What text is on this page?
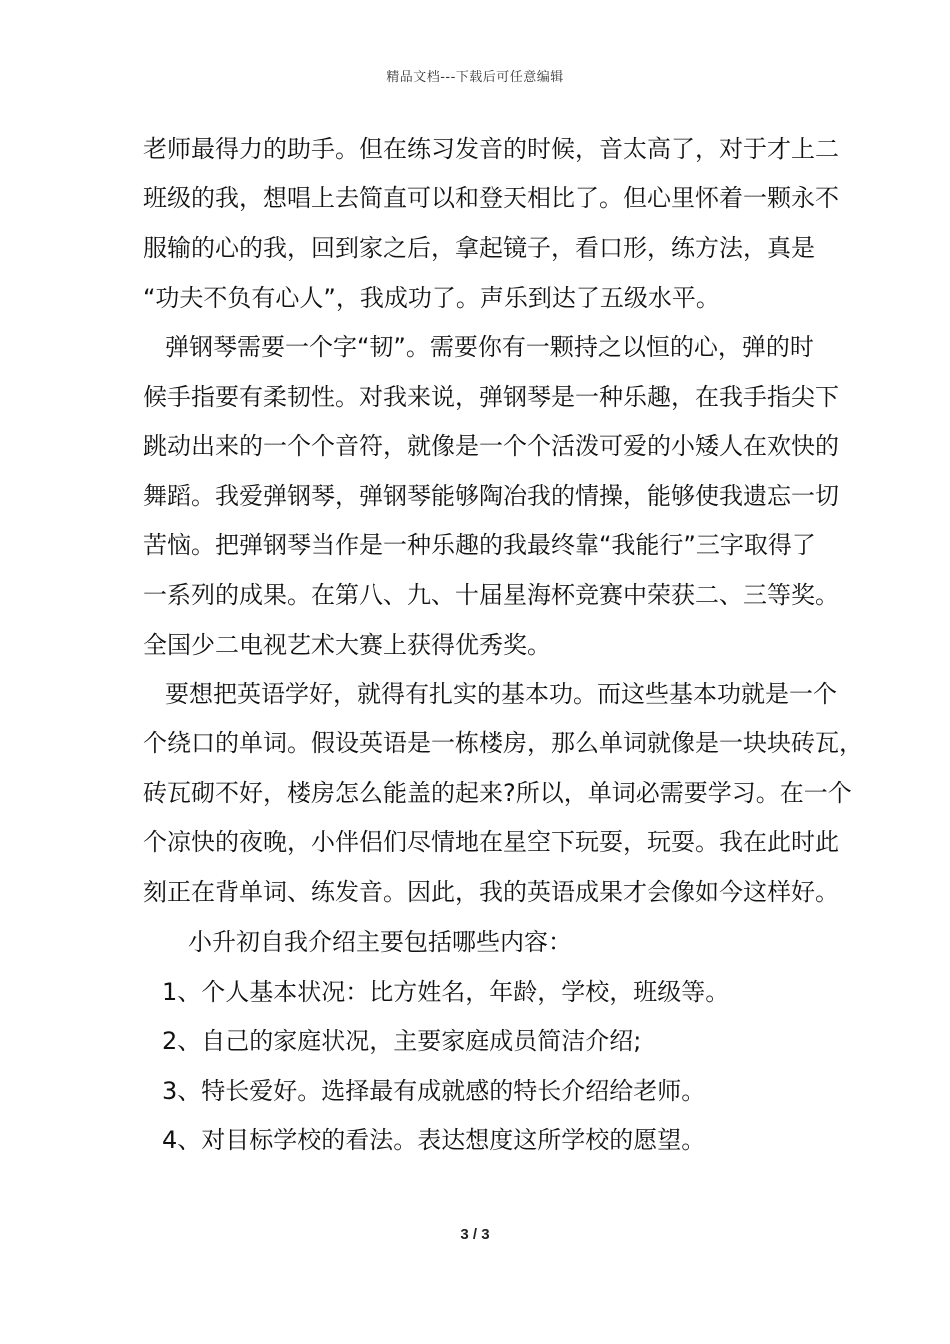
精品文档---下载后可任意编辑
老师最得力的助手。但在练习发音的时候，音太高了，对于才上二
班级的我，想唱上去简直可以和登天相比了。但心里怀着一颗永不
服输的心的我，回到家之后，拿起镜子，看口形，练方法，真是
“功夫不负有心人”，我成功了。声乐到达了五级水平。
弹钢琴需要一个字“韧”。需要你有一颗持之以恒的心，弹的时
候手指要有柔韧性。对我来说，弹钢琴是一种乐趣，在我手指尖下
跳动出来的一个个音符，就像是一个个活泼可爱的小矮人在欢快的
舞蹈。我爱弹钢琴，弹钢琴能够陶冶我的情操，能够使我遗忘一切
苦恼。把弹钢琴当作是一种乐趣的我最终靠“我能行”三字取得了
一系列的成果。在第八、九、十届星海杯竞赛中荣获二、三等奖。
全国少二电视艺术大赛上获得优秀奖。
要想把英语学好，就得有扎实的基本功。而这些基本功就是一个
个绕口的单词。假设英语是一栋楼房，那么单词就像是一块块砖瓦，
砖瓦砌不好，楼房怎么能盖的起来?所以，单词必需要学习。在一个
个凉快的夜晚，小伴侣们尽情地在星空下玩耍，玩耍。我在此时此
刻正在背单词、练发音。因此，我的英语成果才会像如今这样好。
小升初自我介绍主要包括哪些内容：
1、个人基本状况：比方姓名，年龄，学校，班级等。
2、自己的家庭状况，主要家庭成员简洁介绍;
3、特长爱好。选择最有成就感的特长介绍给老师。
4、对目标学校的看法。表达想度这所学校的愿望。
3 / 3
